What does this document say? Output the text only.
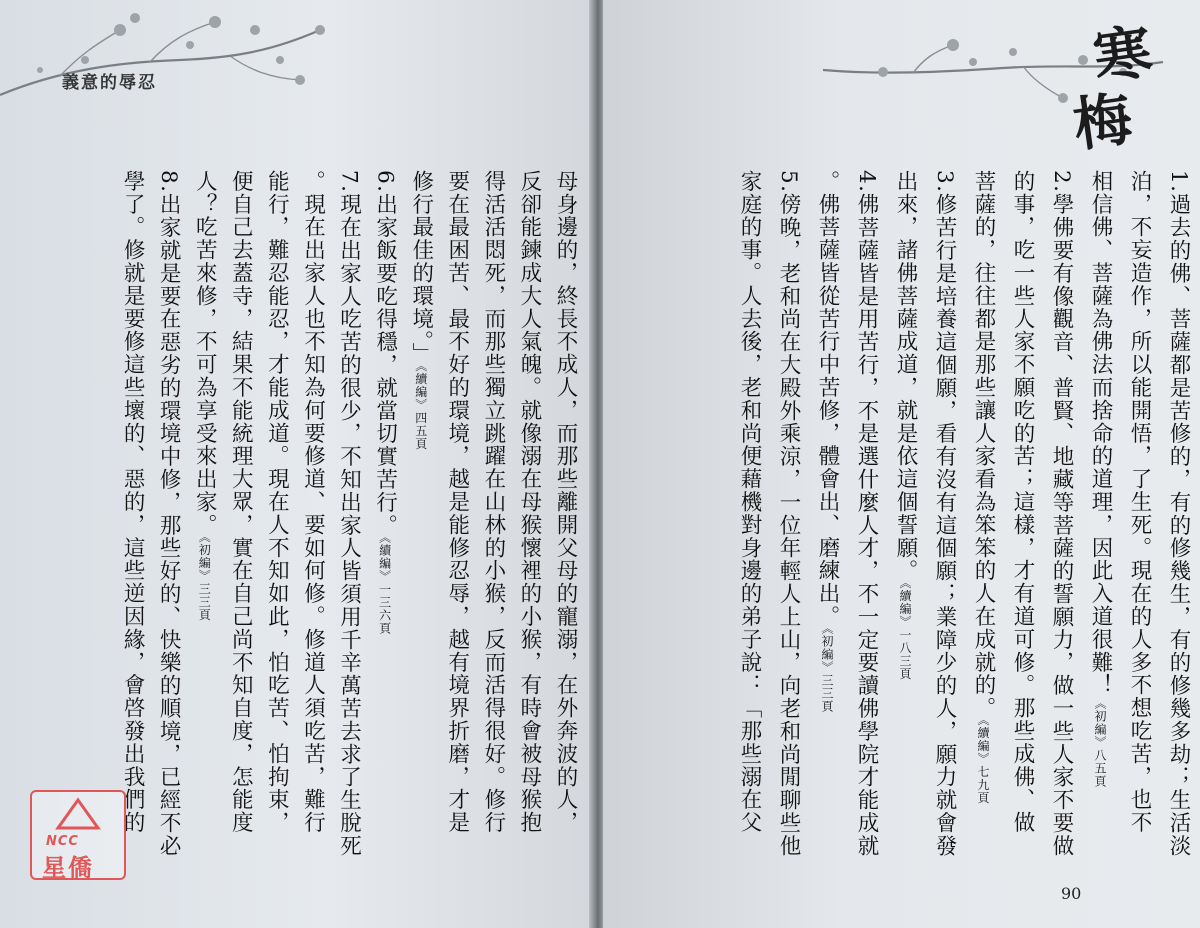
義意的辱忍
母身邊的，終長不成人，而那些離開父母的寵溺，在外奔波的人，
反卻能鍊成大人氣魄。就像溺在母猴懷裡的小猴，有時會被母猴抱
得活活悶死，而那些獨立跳躍在山林的小猴，反而活得很好。修行
要在最困苦、最不好的環境，越是能修忍辱，越有境界折磨，才是
修行最佳的環境。」《續編》四五頁
6.出家飯要吃得穩，就當切實苦行。《續編》一三六頁
7.現在出家人吃苦的很少，不知出家人皆須用千辛萬苦去求了生脫死
。現在出家人也不知為何要修道、要如何修。修道人須吃苦，難行
能行，難忍能忍，才能成道。現在人不知如此，怕吃苦、怕拘束，
便自己去蓋寺，結果不能統理大眾，實在自己尚不知自度，怎能度
人？吃苦來修，不可為享受來出家。《初編》三三頁
8.出家就是要在惡劣的環境中修，那些好的、快樂的順境，已經不必
學了。修就是要修這些壞的、惡的，這些逆因緣，會啓發出我們的
NCC
星僑
寒
梅
1.過去的佛、菩薩都是苦修的，有的修幾生，有的修幾多劫；生活淡
泊，不妄造作，所以能開悟，了生死。現在的人多不想吃苦，也不
相信佛、菩薩為佛法而捨命的道理，因此入道很難！《初編》八五頁
2.學佛要有像觀音、普賢、地藏等菩薩的誓願力，做一些人家不要做
的事，吃一些人家不願吃的苦；這樣，才有道可修。那些成佛、做
菩薩的，往往都是那些讓人家看為笨笨的人在成就的。《續編》七九頁
3.修苦行是培養這個願，看有沒有這個願；業障少的人，願力就會發
出來，諸佛菩薩成道，就是依這個誓願。《續編》一八三頁
4.佛菩薩皆是用苦行，不是選什麼人才，不一定要讀佛學院才能成就
。佛菩薩皆從苦行中苦修，體會出、磨練出。《初編》三三頁
5.傍晚，老和尚在大殿外乘涼，一位年輕人上山，向老和尚閒聊些他
家庭的事。人去後，老和尚便藉機對身邊的弟子說：「那些溺在父
90
